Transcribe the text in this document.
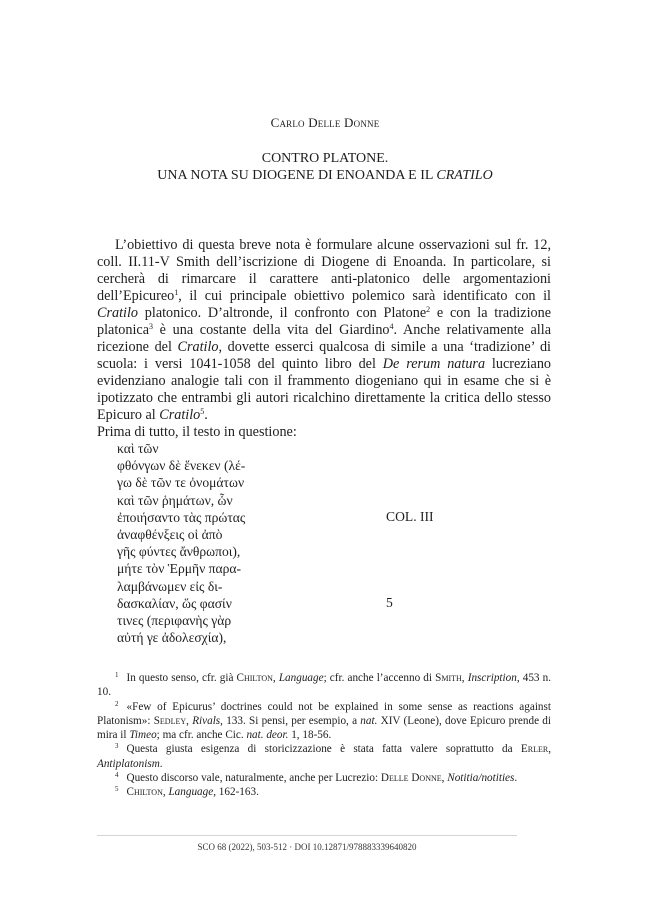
Carlo Delle Donne
CONTRO PLATONE.
UNA NOTA SU DIOGENE DI ENOANDA E IL CRATILO

L’obiettivo di questa breve nota è formulare alcune osservazioni sul fr. 12, coll. II.11-V Smith dell’iscrizione di Diogene di Enoanda. In particolare, si cercherà di rimarcare il carattere anti-platonico delle argomentazioni dell’Epicureo$^1$, il cui principale obiettivo polemico sarà identificato con il Cratilo platonico. D’altronde, il confronto con Platone$^2$ e con la tradizione platonica$^3$ è una costante della vita del Giardino$^4$. Anche relativamente alla ricezione del Cratilo, dovette esserci qualcosa di simile a una ‘tradizione’ di scuola: i versi 1041-1058 del quinto libro del De rerum natura lucreziano evidenziano analogie tali con il frammento diogeniano qui in esame che si è ipotizzato che entrambi gli autori ricalchino direttamente la critica dello stesso Epicuro al Cratilo$^5$.

Prima di tutto, il testo in questione:
καὶ τῶν
φθόνγων δὲ ἕνεκεν (λέ-
γω δὲ τῶν τε ὀνομάτων
καὶ τῶν ῥημάτων, ὧν
ἐποιήσαντο τὰς πρώτας
ἀναφθένξεις οἱ ἀπὸ
γῆς φύντες ἄνθρωποι),
μήτε τὸν Ἑρμῆν παρα-
λαμβάνωμεν εἰς δι-
δασκαλίαν, ὥς φασίν
τινες (περιφανὴς γὰρ
αὐτή γε ἀδολεσχία),
COL. III
5

$^1$ In questo senso, cfr. già Chilton, Language; cfr. anche l’accenno di Smith, Inscription, 453 n. 10.

$^2$ «Few of Epicurus’ doctrines could not be explained in some sense as reactions against Platonism»: Sedley, Rivals, 133. Si pensi, per esempio, a nat. XIV (Leone), dove Epicuro prende di mira il Timeo; ma cfr. anche Cic. nat. deor. 1, 18-56.

$^3$ Questa giusta esigenza di storicizzazione è stata fatta valere soprattutto da Erler, Antiplatonism.

$^4$ Questo discorso vale, naturalmente, anche per Lucrezio: Delle Donne, Notitia/notities.

$^5$ Chilton, Language, 162-163.

SCO 68 (2022), 503-512 · DOI 10.12871/978883339640820
